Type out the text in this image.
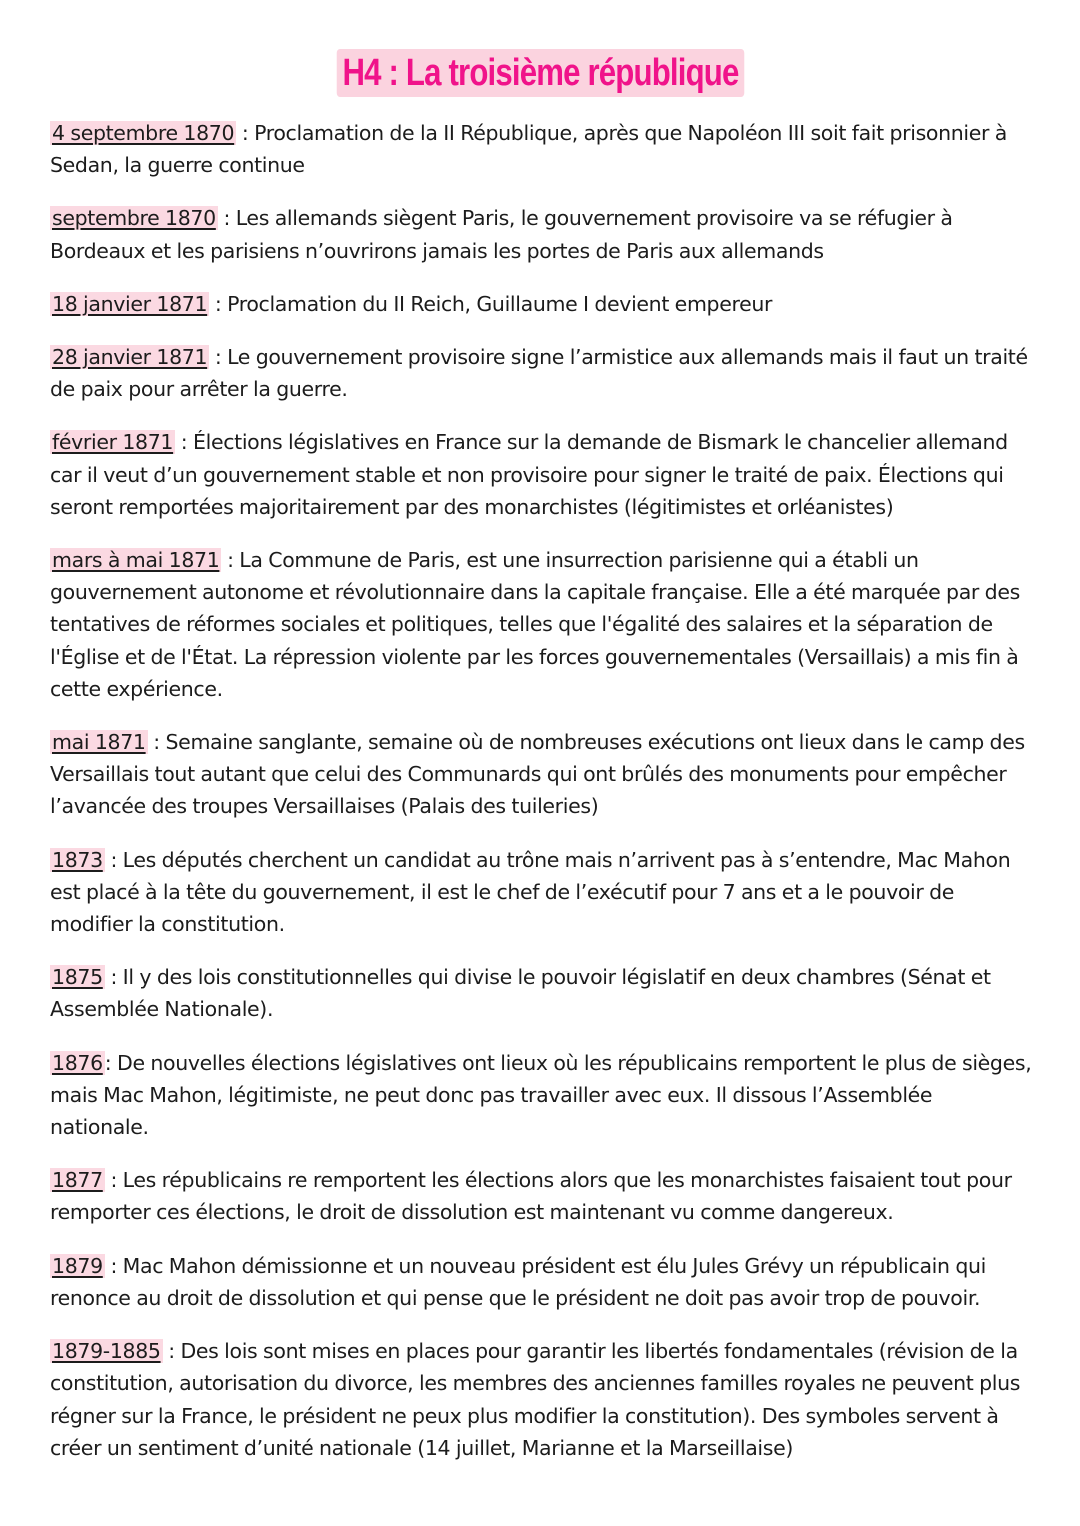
H4 : La troisième république

4 septembre 1870 : Proclamation de la II République, après que Napoléon III soit fait prisonnier à Sedan, la guerre continue

septembre 1870 : Les allemands siègent Paris, le gouvernement provisoire va se réfugier à Bordeaux et les parisiens n’ouvrirons jamais les portes de Paris aux allemands

18 janvier 1871 : Proclamation du II Reich, Guillaume I devient empereur

28 janvier 1871 : Le gouvernement provisoire signe l’armistice aux allemands mais il faut un traité de paix pour arrêter la guerre.

février 1871 : Élections législatives en France sur la demande de Bismark le chancelier allemand car il veut d’un gouvernement stable et non provisoire pour signer le traité de paix. Élections qui seront remportées majoritairement par des monarchistes (légitimistes et orléanistes)

mars à mai 1871 : La Commune de Paris, est une insurrection parisienne qui a établi un gouvernement autonome et révolutionnaire dans la capitale française. Elle a été marquée par des tentatives de réformes sociales et politiques, telles que l'égalité des salaires et la séparation de l'Église et de l'État. La répression violente par les forces gouvernementales (Versaillais) a mis fin à cette expérience.

mai 1871 : Semaine sanglante, semaine où de nombreuses exécutions ont lieux dans le camp des Versaillais tout autant que celui des Communards qui ont brûlés des monuments pour empêcher l’avancée des troupes Versaillaises (Palais des tuileries)

1873 : Les députés cherchent un candidat au trône mais n’arrivent pas à s’entendre, Mac Mahon est placé à la tête du gouvernement, il est le chef de l’exécutif pour 7 ans et a le pouvoir de modifier la constitution.

1875 : Il y des lois constitutionnelles qui divise le pouvoir législatif en deux chambres (Sénat et Assemblée Nationale).

1876: De nouvelles élections législatives ont lieux où les républicains remportent le plus de sièges, mais Mac Mahon, légitimiste, ne peut donc pas travailler avec eux. Il dissous l’Assemblée nationale.

1877 : Les républicains re remportent les élections alors que les monarchistes faisaient tout pour remporter ces élections, le droit de dissolution est maintenant vu comme dangereux.

1879 : Mac Mahon démissionne et un nouveau président est élu Jules Grévy un républicain qui renonce au droit de dissolution et qui pense que le président ne doit pas avoir trop de pouvoir.

1879-1885 : Des lois sont mises en places pour garantir les libertés fondamentales (révision de la constitution, autorisation du divorce, les membres des anciennes familles royales ne peuvent plus régner sur la France, le président ne peux plus modifier la constitution). Des symboles servent à créer un sentiment d’unité nationale (14 juillet, Marianne et la Marseillaise)
